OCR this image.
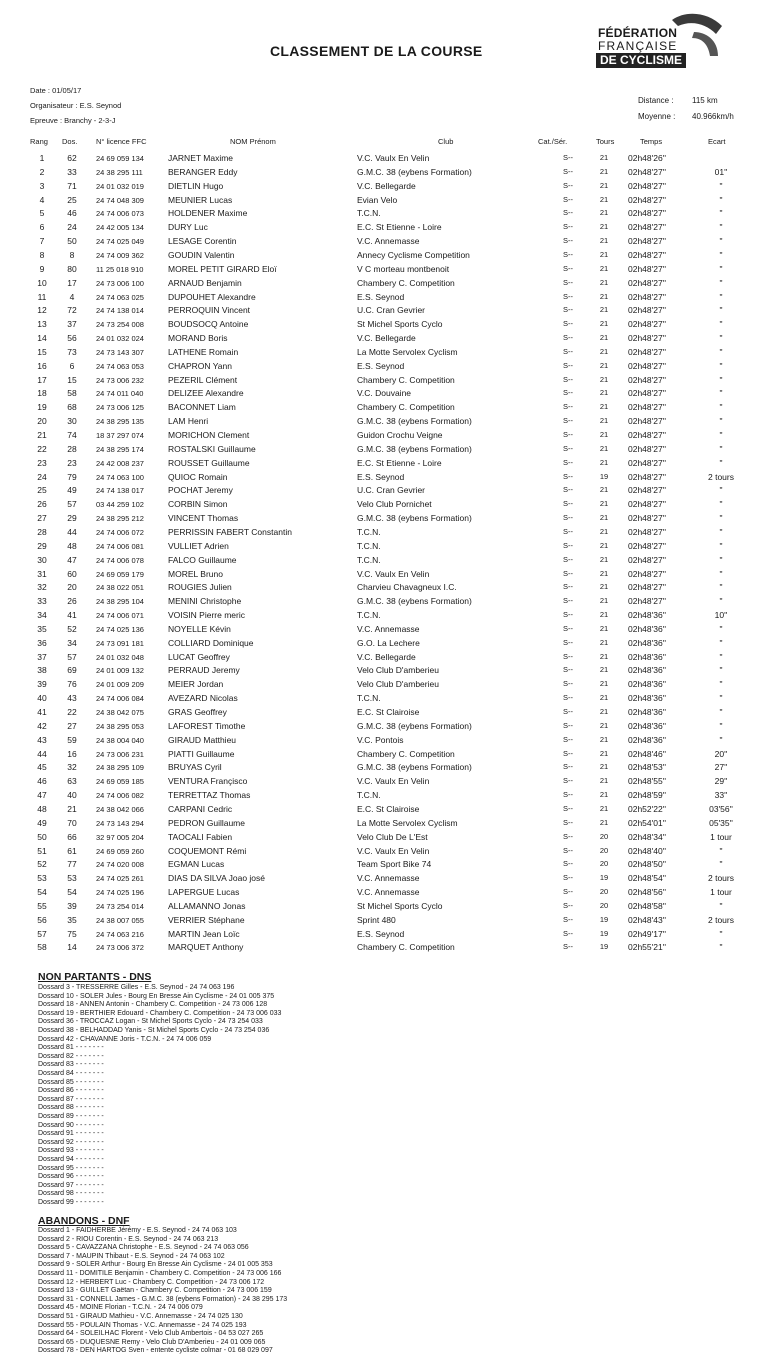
CLASSEMENT DE LA COURSE
FÉDÉRATION
FRANÇAISE
DE CYCLISME
Date : 01/05/17
Organisateur : E.S. Seynod
Epreuve : Branchy - 2-3-J
Distance : 115 km
Moyenne : 40.966km/h
Rang Dos. N° licence FFC	NOM Prénom	Club	Cat./Sér.	Tours	Temps	Ecart
1	62	24 69 059 134	JARNET Maxime	V.C. Vaulx En Velin	S--	21	02h48'26''
2	33	24 38 295 111	BERANGER Eddy	G.M.C. 38 (eybens Formation)	S--	21	02h48'27''	01''
3	71	24 01 032 019	DIETLIN Hugo	V.C. Bellegarde	S--	21	02h48'27''	"
4	25	24 74 048 309	MEUNIER Lucas	Evian Velo	S--	21	02h48'27''	"
5	46	24 74 006 073	HOLDENER Maxime	T.C.N.	S--	21	02h48'27''	"
6	24	24 42 005 134	DURY Luc	E.C. St Etienne - Loire	S--	21	02h48'27''	"
7	50	24 74 025 049	LESAGE Corentin	V.C. Annemasse	S--	21	02h48'27''	"
8	8	24 74 009 362	GOUDIN Valentin	Annecy Cyclisme Competition	S--	21	02h48'27''	"
9	80	11 25 018 910	MOREL PETIT GIRARD Eloï	V C morteau montbenoit	S--	21	02h48'27''	"
10	17	24 73 006 100	ARNAUD Benjamin	Chambery C. Competition	S--	21	02h48'27''	"
11	4	24 74 063 025	DUPOUHET Alexandre	E.S. Seynod	S--	21	02h48'27''	"
12	72	24 74 138 014	PERROQUIN Vincent	U.C. Cran Gevrier	S--	21	02h48'27''	"
13	37	24 73 254 008	BOUDSOCQ Antoine	St Michel Sports Cyclo	S--	21	02h48'27''	"
14	56	24 01 032 024	MORAND Boris	V.C. Bellegarde	S--	21	02h48'27''	"
15	73	24 73 143 307	LATHENE Romain	La Motte Servolex Cyclism	S--	21	02h48'27''	"
16	6	24 74 063 053	CHAPRON Yann	E.S. Seynod	S--	21	02h48'27''	"
17	15	24 73 006 232	PEZERIL Clément	Chambery C. Competition	S--	21	02h48'27''	"
18	58	24 74 011 040	DELIZEE Alexandre	V.C. Douvaine	S--	21	02h48'27''	"
19	68	24 73 006 125	BACONNET Liam	Chambery C. Competition	S--	21	02h48'27''	"
20	30	24 38 295 135	LAM Henri	G.M.C. 38 (eybens Formation)	S--	21	02h48'27''	"
21	74	18 37 297 074	MORICHON Clement	Guidon Crochu Veigne	S--	21	02h48'27''	"
22	28	24 38 295 174	ROSTALSKI Guillaume	G.M.C. 38 (eybens Formation)	S--	21	02h48'27''	"
23	23	24 42 008 237	ROUSSET Guillaume	E.C. St Etienne - Loire	S--	21	02h48'27''	"
24	79	24 74 063 100	QUIOC Romain	E.S. Seynod	S--	19	02h48'27''	2 tours
25	49	24 74 138 017	POCHAT Jeremy	U.C. Cran Gevrier	S--	21	02h48'27''	"
26	57	03 44 259 102	CORBIN Simon	Velo Club Pornichet	S--	21	02h48'27''	"
27	29	24 38 295 212	VINCENT Thomas	G.M.C. 38 (eybens Formation)	S--	21	02h48'27''	"
28	44	24 74 006 072	PERRISSIN FABERT Constantin	T.C.N.	S--	21	02h48'27''	"
29	48	24 74 006 081	VULLIET Adrien	T.C.N.	S--	21	02h48'27''	"
30	47	24 74 006 078	FALCO Guillaume	T.C.N.	S--	21	02h48'27''	"
31	60	24 69 059 179	MOREL Bruno	V.C. Vaulx En Velin	S--	21	02h48'27''	"
32	20	24 38 022 051	ROUGIES Julien	Charvieu Chavagneux I.C.	S--	21	02h48'27''	"
33	26	24 38 295 104	MENINI Christophe	G.M.C. 38 (eybens Formation)	S--	21	02h48'27''	"
34	41	24 74 006 071	VOISIN Pierre meric	T.C.N.	S--	21	02h48'36''	10''
35	52	24 74 025 136	NOYELLE Kévin	V.C. Annemasse	S--	21	02h48'36''	"
36	34	24 73 091 181	COLLIARD Dominique	G.O. La Lechere	S--	21	02h48'36''	"
37	57	24 01 032 048	LUCAT Geoffrey	V.C. Bellegarde	S--	21	02h48'36''	"
38	69	24 01 009 132	PERRAUD Jeremy	Velo Club D'amberieu	S--	21	02h48'36''	"
39	76	24 01 009 209	MEIER Jordan	Velo Club D'amberieu	S--	21	02h48'36''	"
40	43	24 74 006 084	AVEZARD Nicolas	T.C.N.	S--	21	02h48'36''	"
41	22	24 38 042 075	GRAS Geoffrey	E.C. St Clairoise	S--	21	02h48'36''	"
42	27	24 38 295 053	LAFOREST Timothe	G.M.C. 38 (eybens Formation)	S--	21	02h48'36''	"
43	59	24 38 004 040	GIRAUD Matthieu	V.C. Pontois	S--	21	02h48'36''	"
44	16	24 73 006 231	PIATTI Guillaume	Chambery C. Competition	S--	21	02h48'46''	20''
45	32	24 38 295 109	BRUYAS Cyril	G.M.C. 38 (eybens Formation)	S--	21	02h48'53''	27''
46	63	24 69 059 185	VENTURA Françisco	V.C. Vaulx En Velin	S--	21	02h48'55''	29''
47	40	24 74 006 082	TERRETTAZ Thomas	T.C.N.	S--	21	02h48'59''	33''
48	21	24 38 042 066	CARPANI Cedric	E.C. St Clairoise	S--	21	02h52'22''	03'56''
49	70	24 73 143 294	PEDRON Guillaume	La Motte Servolex Cyclism	S--	21	02h54'01''	05'35''
50	66	32 97 005 204	TAOCALI Fabien	Velo Club De L'Est	S--	20	02h48'34''	1 tour
51	61	24 69 059 260	COQUEMONT Rémi	V.C. Vaulx En Velin	S--	20	02h48'40''	"
52	77	24 74 020 008	EGMAN Lucas	Team Sport Bike 74	S--	20	02h48'50''	"
53	53	24 74 025 261	DIAS DA SILVA Joao josé	V.C. Annemasse	S--	19	02h48'54''	2 tours
54	54	24 74 025 196	LAPERGUE Lucas	V.C. Annemasse	S--	20	02h48'56''	1 tour
55	39	24 73 254 014	ALLAMANNO Jonas	St Michel Sports Cyclo	S--	20	02h48'58''	"
56	35	24 38 007 055	VERRIER Stéphane	Sprint 480	S--	19	02h48'43''	2 tours
57	75	24 74 063 216	MARTIN Jean Loïc	E.S. Seynod	S--	19	02h49'17''	"
58	14	24 73 006 372	MARQUET Anthony	Chambery C. Competition	S--	19	02h55'21''	"
NON PARTANTS - DNS
Dossard 3 - TRESSERRE Gilles - E.S. Seynod - 24 74 063 196
Dossard 10 - SOLER Jules - Bourg En Bresse Ain Cyclisme - 24 01 005 375
Dossard 18 - ANNEN Antonin - Chambery C. Competition - 24 73 006 128
Dossard 19 - BERTHIER Edouard - Chambery C. Competition - 24 73 006 033
Dossard 36 - TROCCAZ Logan - St Michel Sports Cyclo - 24 73 254 033
Dossard 38 - BELHADDAD Yanis - St Michel Sports Cyclo - 24 73 254 036
Dossard 42 - CHAVANNE Joris - T.C.N. - 24 74 006 059
Dossard 81 - - - - - - -
Dossard 82 - - - - - - -
Dossard 83 - - - - - - -
Dossard 84 - - - - - - -
Dossard 85 - - - - - - -
Dossard 86 - - - - - - -
Dossard 87 - - - - - - -
Dossard 88 - - - - - - -
Dossard 89 - - - - - - -
Dossard 90 - - - - - - -
Dossard 91 - - - - - - -
Dossard 92 - - - - - - -
Dossard 93 - - - - - - -
Dossard 94 - - - - - - -
Dossard 95 - - - - - - -
Dossard 96 - - - - - - -
Dossard 97 - - - - - - -
Dossard 98 - - - - - - -
Dossard 99 - - - - - - -
ABANDONS - DNF
Dossard 1 - FAIDHERBE Jérémy - E.S. Seynod - 24 74 063 103
Dossard 2 - RIOU Corentin - E.S. Seynod - 24 74 063 213
Dossard 5 - CAVAZZANA Christophe - E.S. Seynod - 24 74 063 056
Dossard 7 - MAUPIN Thibaut - E.S. Seynod - 24 74 063 102
Dossard 9 - SOLER Arthur - Bourg En Bresse Ain Cyclisme - 24 01 005 353
Dossard 11 - DOMITILE Benjamin - Chambery C. Competition - 24 73 006 166
Dossard 12 - HERBERT Luc - Chambery C. Competition - 24 73 006 172
Dossard 13 - GUILLET Gaëtan - Chambery C. Competition - 24 73 006 159
Dossard 31 - CONNELL James - G.M.C. 38 (eybens Formation) - 24 38 295 173
Dossard 45 - MOINE Florian - T.C.N. - 24 74 006 079
Dossard 51 - GIRAUD Mathieu - V.C. Annemasse - 24 74 025 130
Dossard 55 - POULAIN Thomas - V.C. Annemasse - 24 74 025 193
Dossard 64 - SOLEILHAC Florent - Velo Club Ambertois - 04 53 027 265
Dossard 65 - DUQUESNE Remy - Velo Club D'Amberieu - 24 01 009 065
Dossard 78 - DEN HARTOG Sven - entente cycliste colmar - 01 68 029 097
